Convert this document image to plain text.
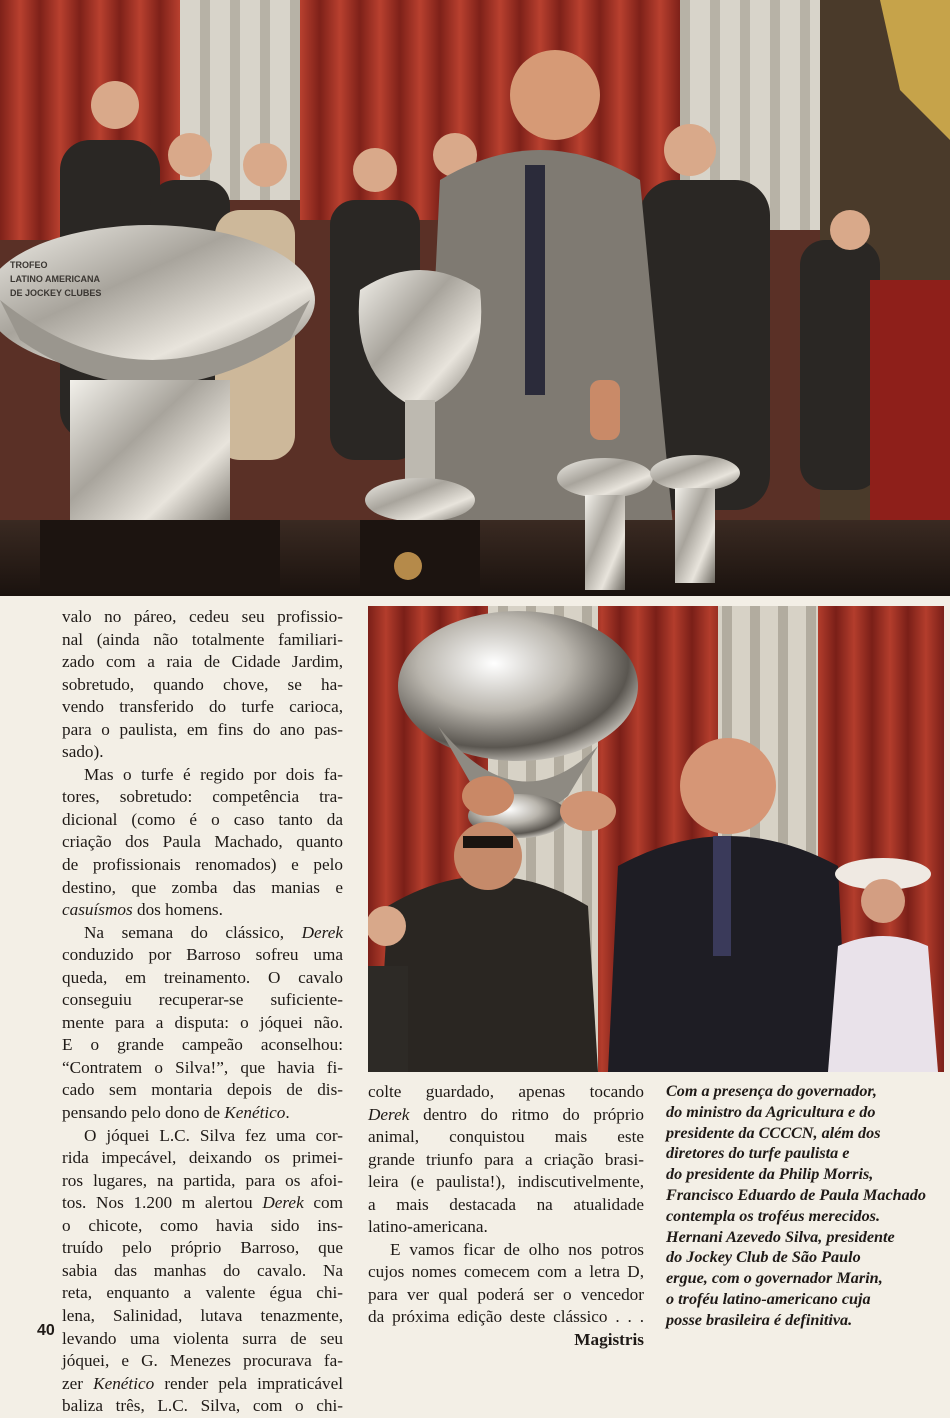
TROFEO
LATINO AMERICANA
DE JOCKEY CLUBES

valo no páreo, cedeu seu profissio-
nal (ainda não totalmente familiari-
zado com a raia de Cidade Jardim,
sobretudo, quando chove, se ha-
vendo transferido do turfe carioca,
para o paulista, em fins do ano pas-
sado).

Mas o turfe é regido por dois fa-
tores, sobretudo: competência tra-
dicional (como é o caso tanto da
criação dos Paula Machado, quanto
de profissionais renomados) e pelo
destino, que zomba das manias e
casuísmos dos homens.

Na semana do clássico, Derek
conduzido por Barroso sofreu uma
queda, em treinamento. O cavalo
conseguiu recuperar-se suficiente-
mente para a disputa: o jóquei não.
E o grande campeão aconselhou:
“Contratem o Silva!”, que havia fi-
cado sem montaria depois de dis-
pensando pelo dono de Kenético.

O jóquei L.C. Silva fez uma cor-
rida impecável, deixando os primei-
ros lugares, na partida, para os afoi-
tos. Nos 1.200 m alertou Derek com
o chicote, como havia sido ins-
truído pelo próprio Barroso, que
sabia das manhas do cavalo. Na
reta, enquanto a valente égua chi-
lena, Salinidad, lutava tenazmente,
levando uma violenta surra de seu
jóquei, e G. Menezes procurava fa-
zer Kenético render pela impraticável
baliza três, L.C. Silva, com o chi-

colte guardado, apenas tocando
Derek dentro do ritmo do próprio
animal, conquistou mais este
grande triunfo para a criação brasi-
leira (e paulista!), indiscutivelmente,
a mais destacada na atualidade
latino-americana.

E vamos ficar de olho nos potros
cujos nomes comecem com a letra D,
para ver qual poderá ser o vencedor
da próxima edição deste clássico . . .
Magistris

Com a presença do governador,
do ministro da Agricultura e do
presidente da CCCCN, além dos
diretores do turfe paulista e
do presidente da Philip Morris,
Francisco Eduardo de Paula Machado
contempla os troféus merecidos.
Hernani Azevedo Silva, presidente
do Jockey Club de São Paulo
ergue, com o governador Marin,
o troféu latino-americano cuja
posse brasileira é definitiva.
40
